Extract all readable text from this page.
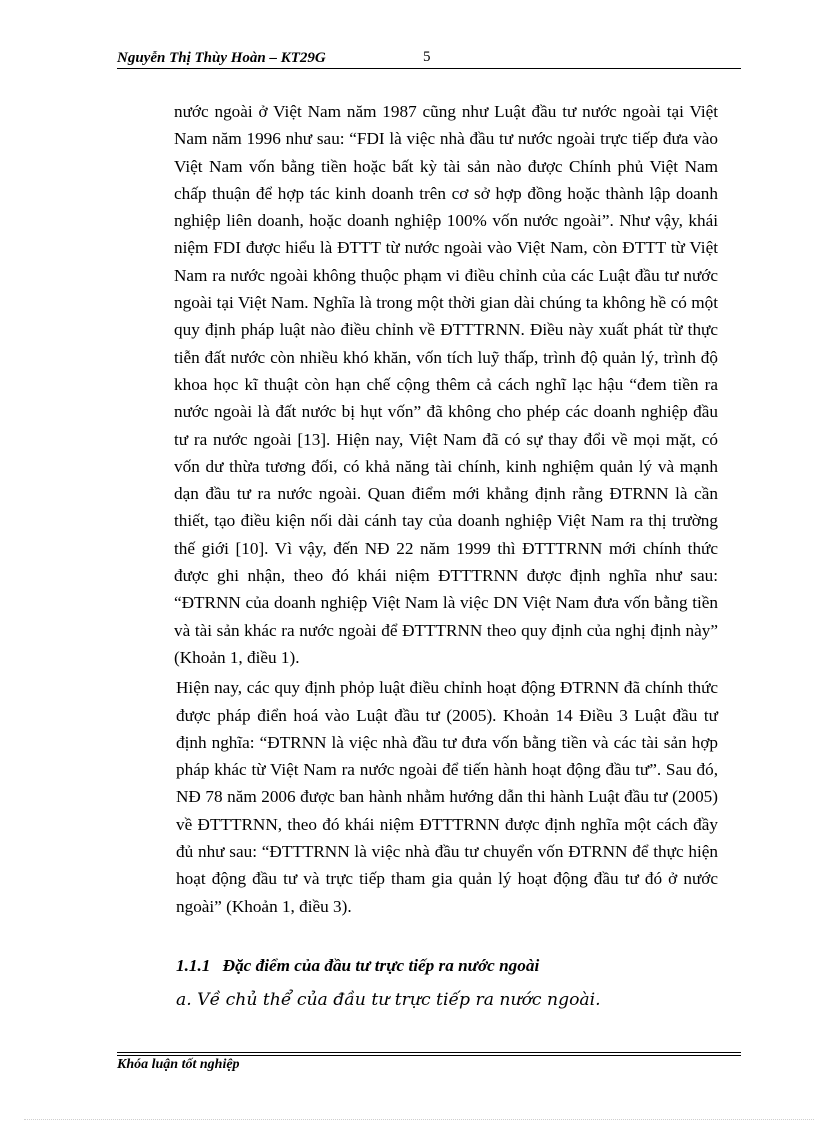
Nguyễn Thị Thùy Hoàn – KT29G	5

nước ngoài ở Việt Nam năm 1987 cũng như Luật đầu tư nước ngoài tại Việt Nam năm 1996 như sau: “FDI là việc nhà đầu tư nước ngoài trực tiếp đưa vào Việt Nam vốn bằng tiền hoặc bất kỳ tài sản nào được Chính phủ Việt Nam chấp thuận để hợp tác kinh doanh trên cơ sở hợp đồng hoặc thành lập doanh nghiệp liên doanh, hoặc doanh nghiệp 100% vốn nước ngoài”. Như vậy, khái niệm FDI được hiểu là ĐTTT từ nước ngoài vào Việt Nam, còn ĐTTT từ Việt Nam ra nước ngoài không thuộc phạm vi điều chỉnh của các Luật đầu tư nước ngoài tại Việt Nam. Nghĩa là trong một thời gian dài chúng ta không hề có một quy định pháp luật nào điều chỉnh về ĐTTTRNN. Điều này xuất phát từ thực tiễn đất nước còn nhiều khó khăn, vốn tích luỹ thấp, trình độ quản lý, trình độ khoa học kĩ thuật còn hạn chế cộng thêm cả cách nghĩ lạc hậu “đem tiền ra nước ngoài là đất nước bị hụt vốn” đã không cho phép các doanh nghiệp đầu tư ra nước ngoài [13]. Hiện nay, Việt Nam đã có sự thay đổi về mọi mặt, có vốn dư thừa tương đối, có khả năng tài chính, kinh nghiệm quản lý và mạnh dạn đầu tư ra nước ngoài. Quan điểm mới khẳng định rằng ĐTRNN là cần thiết, tạo điều kiện nối dài cánh tay của doanh nghiệp Việt Nam ra thị trường thế giới [10]. Vì vậy, đến NĐ 22 năm 1999 thì ĐTTTRNN mới chính thức được ghi nhận, theo đó khái niệm ĐTTTRNN được định nghĩa như sau: “ĐTRNN của doanh nghiệp Việt Nam là việc DN Việt Nam đưa vốn bằng tiền và tài sản khác ra nước ngoài để ĐTTTRNN theo quy định của nghị định này” (Khoản 1, điều 1).

Hiện nay, các quy định phỏp luật điều chỉnh hoạt động ĐTRNN đã chính thức được pháp điển hoá vào Luật đầu tư (2005). Khoản 14 Điều 3 Luật đầu tư định nghĩa: “ĐTRNN là việc nhà đầu tư đưa vốn bằng tiền và các tài sản hợp pháp khác từ Việt Nam ra nước ngoài để tiến hành hoạt động đầu tư”. Sau đó, NĐ 78 năm 2006 được ban hành nhằm hướng dẫn thi hành Luật đầu tư (2005) về ĐTTTRNN, theo đó khái niệm ĐTTTRNN được định nghĩa một cách đầy đủ như sau: “ĐTTTRNN là việc nhà đầu tư chuyển vốn ĐTRNN để thực hiện hoạt động đầu tư và trực tiếp tham gia quản lý hoạt động đầu tư đó ở nước ngoài” (Khoản 1, điều 3).

1.1.1 Đặc điểm của đầu tư trực tiếp ra nước ngoài
a. Về chủ thể của đầu tư trực tiếp ra nước ngoài.
Khóa luận tốt nghiệp
